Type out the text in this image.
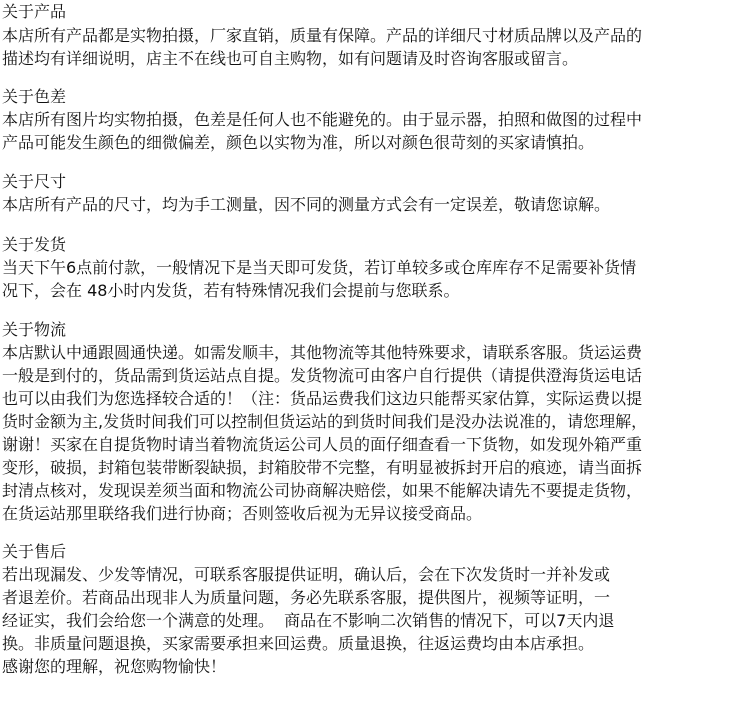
关于产品
本店所有产品都是实物拍摄，厂家直销，质量有保障。产品的详细尺寸材质品牌以及产品的
描述均有详细说明，店主不在线也可自主购物，如有问题请及时咨询客服或留言。
关于色差
本店所有图片均实物拍摄，色差是任何人也不能避免的。由于显示器，拍照和做图的过程中
产品可能发生颜色的细微偏差，颜色以实物为准，所以对颜色很苛刻的买家请慎拍。
关于尺寸
本店所有产品的尺寸，均为手工测量，因不同的测量方式会有一定误差，敬请您谅解。
关于发货
当天下午6点前付款，一般情况下是当天即可发货，若订单较多或仓库库存不足需要补货情
况下，会在 48小时内发货，若有特殊情况我们会提前与您联系。
关于物流
本店默认中通跟圆通快递。如需发顺丰，其他物流等其他特殊要求，请联系客服。货运运费
一般是到付的，货品需到货运站点自提。发货物流可由客户自行提供（请提供澄海货运电话
也可以由我们为您选择较合适的！（注：货品运费我们这边只能帮买家估算，实际运费以提
货时金额为主,发货时间我们可以控制但货运站的到货时间我们是没办法说准的，请您理解，
谢谢！买家在自提货物时请当着物流货运公司人员的面仔细查看一下货物，如发现外箱严重
变形，破损，封箱包装带断裂缺损，封箱胶带不完整，有明显被拆封开启的痕迹，请当面拆
封清点核对，发现误差须当面和物流公司协商解决赔偿，如果不能解决请先不要提走货物，
在货运站那里联络我们进行协商；否则签收后视为无异议接受商品。
关于售后
若出现漏发、少发等情况，可联系客服提供证明，确认后，会在下次发货时一并补发或
者退差价。若商品出现非人为质量问题，务必先联系客服，提供图片，视频等证明，一
经证实，我们会给您一个满意的处理。  商品在不影响二次销售的情况下，可以7天内退
换。非质量问题退换，买家需要承担来回运费。质量退换，往返运费均由本店承担。
感谢您的理解，祝您购物愉快！
